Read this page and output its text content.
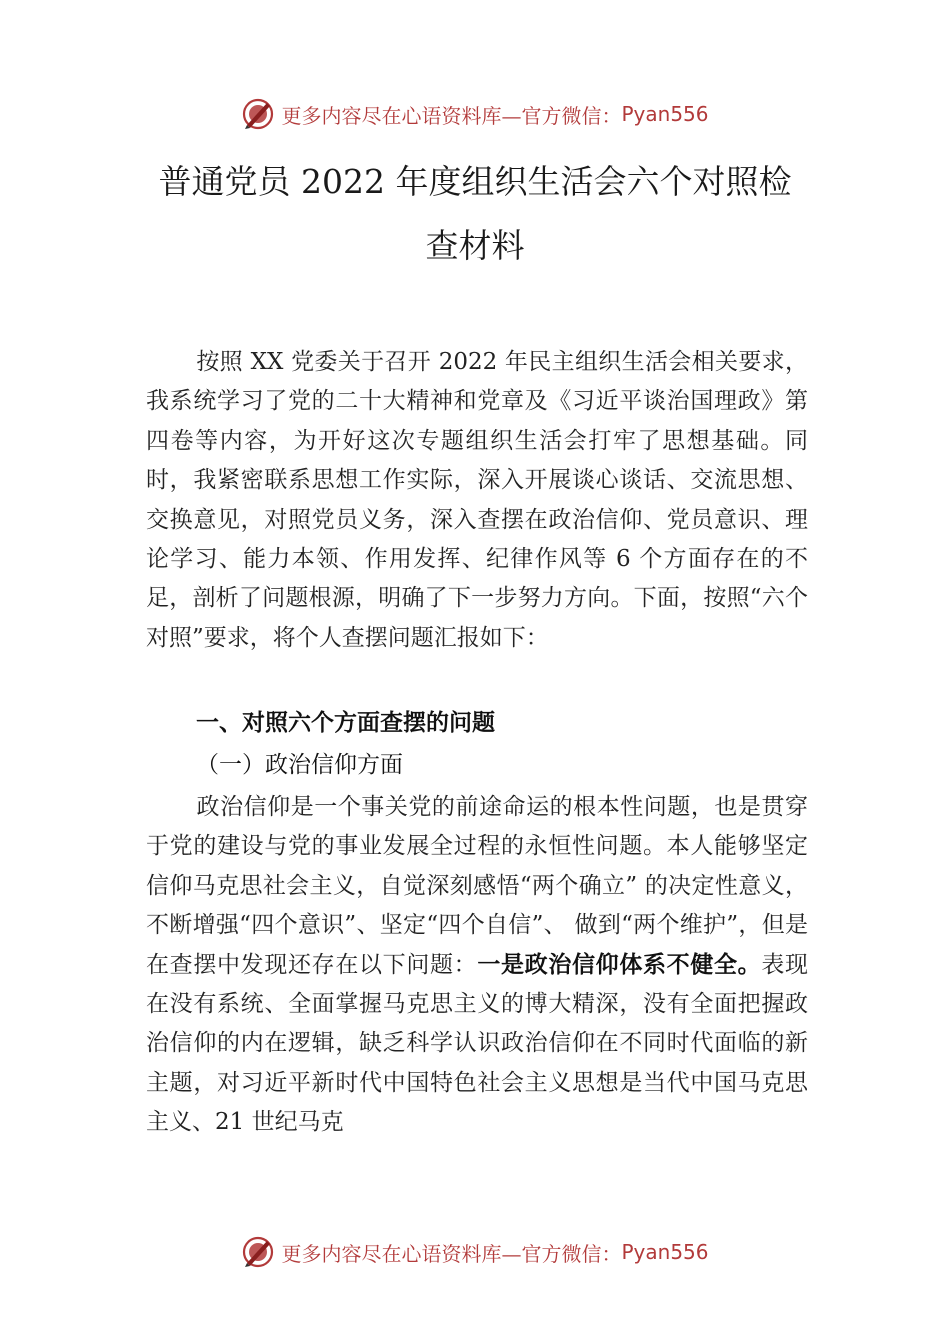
更多内容尽在心语资料库—官方微信： Pyan556
普通党员 2022 年度组织生活会六个对照检
查材料
按照 XX 党委关于召开 2022 年民主组织生活会相关要求，我系统学习了党的二十大精神和党章及《习近平谈治国理政》第四卷等内容，为开好这次专题组织生活会打牢了思想基础。同时，我紧密联系思想工作实际，深入开展谈心谈话、交流思想、交换意见，对照党员义务，深入查摆在政治信仰、党员意识、理论学习、能力本领、作用发挥、纪律作风等 6 个方面存在的不足，剖析了问题根源，明确了下一步努力方向。下面，按照“六个对照”要求，将个人查摆问题汇报如下：
一、对照六个方面查摆的问题
（一）政治信仰方面
政治信仰是一个事关党的前途命运的根本性问题，也是贯穿于党的建设与党的事业发展全过程的永恒性问题。本人能够坚定信仰马克思社会主义，自觉深刻感悟“两个确立” 的决定性意义，不断增强“四个意识”、坚定“四个自信”、 做到“两个维护”，但是在查摆中发现还存在以下问题：一是政治信仰体系不健全。表现在没有系统、全面掌握马克思主义的博大精深，没有全面把握政治信仰的内在逻辑，缺乏科学认识政治信仰在不同时代面临的新主题，对习近平新时代中国特色社会主义思想是当代中国马克思主义、21 世纪马克
更多内容尽在心语资料库—官方微信： Pyan556
